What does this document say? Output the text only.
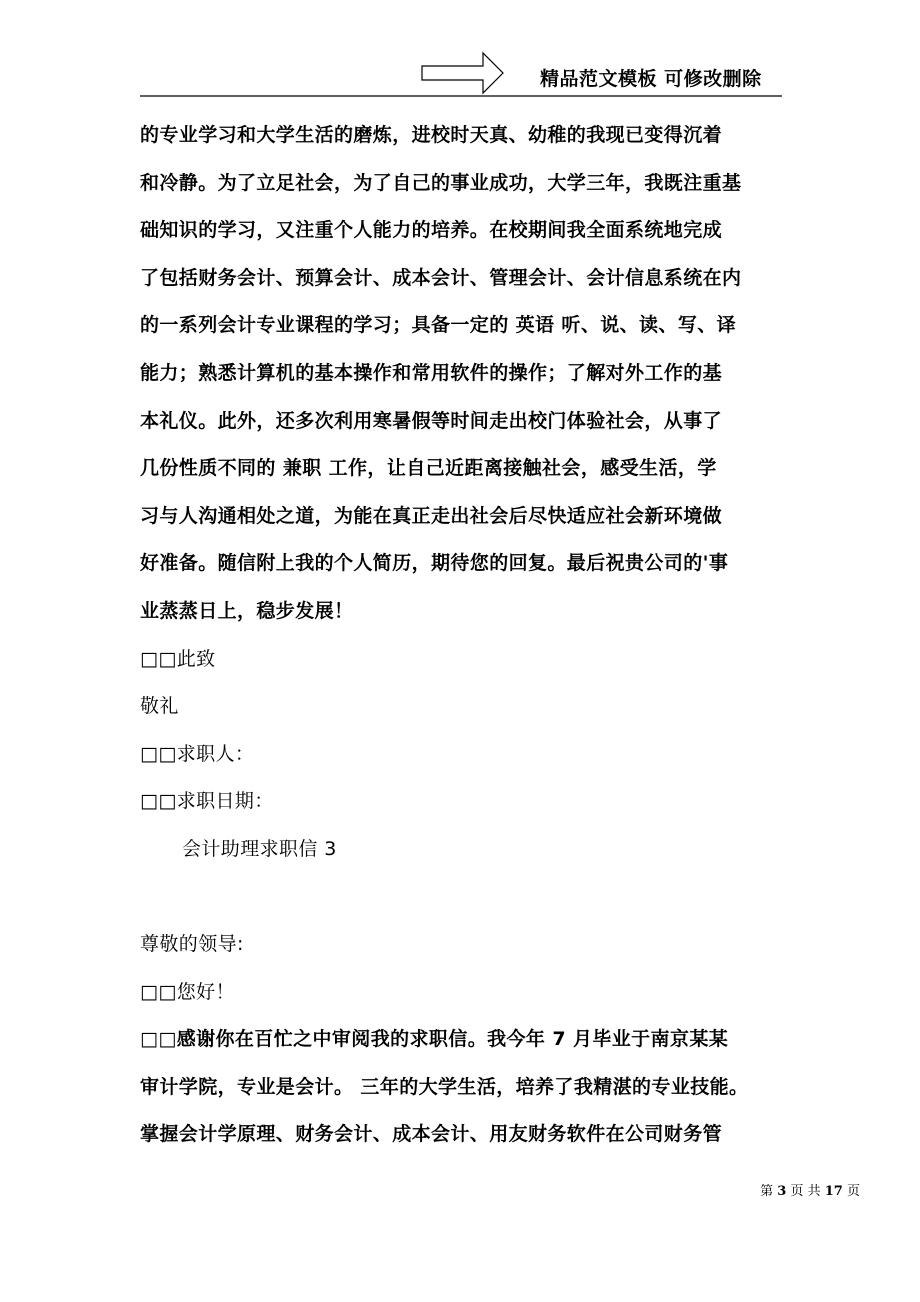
精品范文模板 可修改删除
的专业学习和大学生活的磨炼，进校时天真、幼稚的我现已变得沉着
和冷静。为了立足社会，为了自己的事业成功，大学三年，我既注重基
础知识的学习，又注重个人能力的培养。在校期间我全面系统地完成
了包括财务会计、预算会计、成本会计、管理会计、会计信息系统在内
的一系列会计专业课程的学习；具备一定的 英语 听、说、读、写、译
能力；熟悉计算机的基本操作和常用软件的操作；了解对外工作的基
本礼仪。此外，还多次利用寒暑假等时间走出校门体验社会，从事了
几份性质不同的 兼职 工作，让自己近距离接触社会，感受生活，学
习与人沟通相处之道，为能在真正走出社会后尽快适应社会新环境做
好准备。随信附上我的个人简历，期待您的回复。最后祝贵公司的'事
业蒸蒸日上，稳步发展！
□□此致
敬礼
□□求职人：
□□求职日期：
会计助理求职信 3
尊敬的领导:
□□您好！
□□感谢你在百忙之中审阅我的求职信。我今年 7 月毕业于南京某某
审计学院，专业是会计。 三年的大学生活，培养了我精湛的专业技能。
掌握会计学原理、财务会计、成本会计、用友财务软件在公司财务管
第 3 页 共 17 页
